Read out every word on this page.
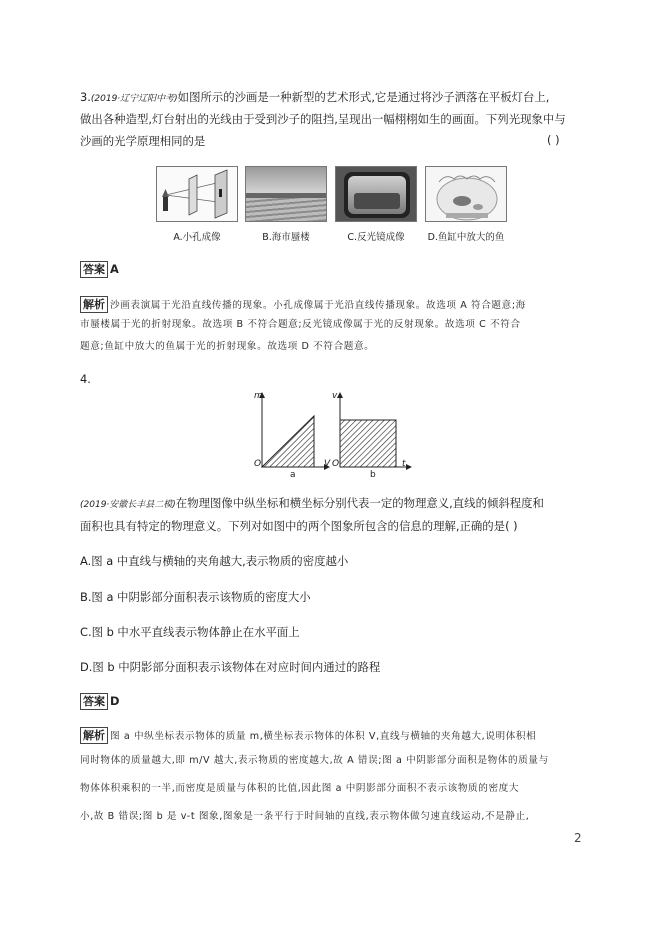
3.(2019·辽宁辽阳中考)如图所示的沙画是一种新型的艺术形式,它是通过将沙子洒落在平板灯台上,
做出各种造型,灯台射出的光线由于受到沙子的阻挡,呈现出一幅栩栩如生的画面。下列光现象中与
沙画的光学原理相同的是	( )
A.小孔成像	B.海市蜃楼	C.反光镜成像	D.鱼缸中放大的鱼
答案 A
解析 沙画表演属于光沿直线传播的现象。小孔成像属于光沿直线传播现象。故选项 A 符合题意;海
市蜃楼属于光的折射现象。故选项 B 不符合题意;反光镜成像属于光的反射现象。故选项 C 不符合
题意;鱼缸中放大的鱼属于光的折射现象。故选项 D 不符合题意。
4.
m
V
O
a
v
t
O
b
(2019·安徽长丰县二模)在物理图像中纵坐标和横坐标分别代表一定的物理意义,直线的倾斜程度和
面积也具有特定的物理意义。下列对如图中的两个图象所包含的信息的理解,正确的是( )
A.图 a 中直线与横轴的夹角越大,表示物质的密度越小
B.图 a 中阴影部分面积表示该物质的密度大小
C.图 b 中水平直线表示物体静止在水平面上
D.图 b 中阴影部分面积表示该物体在对应时间内通过的路程
答案 D
解析 图 a 中纵坐标表示物体的质量 m,横坐标表示物体的体积 V,直线与横轴的夹角越大,说明体积相
同时物体的质量越大,即 m/V 越大,表示物质的密度越大,故 A 错误;图 a 中阴影部分面积是物体的质量与
物体体积乘积的一半,而密度是质量与体积的比值,因此图 a 中阴影部分面积不表示该物质的密度大
小,故 B 错误;图 b 是 v-t 图象,图象是一条平行于时间轴的直线,表示物体做匀速直线运动,不是静止,
2
